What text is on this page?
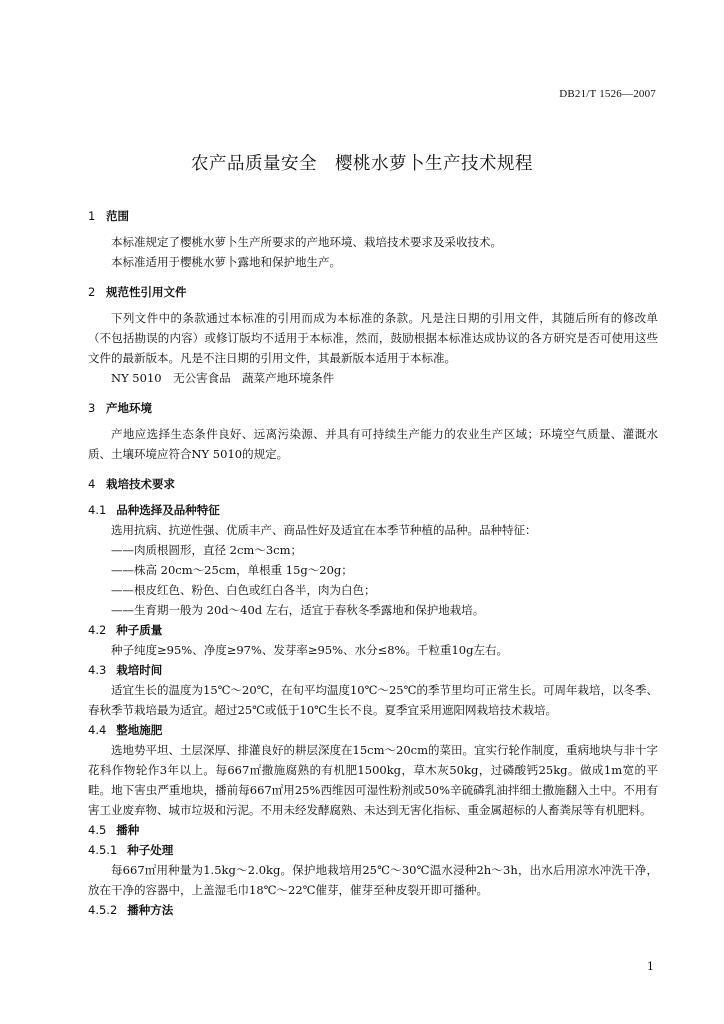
DB21/T 1526—2007
农产品质量安全　樱桃水萝卜生产技术规程
1 范围

本标准规定了樱桃水萝卜生产所要求的产地环境、栽培技术要求及采收技术。

本标准适用于樱桃水萝卜露地和保护地生产。

2 规范性引用文件

下列文件中的条款通过本标准的引用而成为本标准的条款。凡是注日期的引用文件，其随后所有的修改单（不包括勘误的内容）或修订版均不适用于本标准，然而，鼓励根据本标准达成协议的各方研究是否可使用这些文件的最新版本。凡是不注日期的引用文件，其最新版本适用于本标准。

NY 5010　无公害食品　蔬菜产地环境条件

3 产地环境

产地应选择生态条件良好、远离污染源、并具有可持续生产能力的农业生产区域；环境空气质量、灌溉水质、土壤环境应符合NY 5010的规定。

4 栽培技术要求
4.1 品种选择及品种特征

选用抗病、抗逆性强、优质丰产、商品性好及适宜在本季节种植的品种。品种特征：

——肉质根圆形，直径 2cm～3cm；

——株高 20cm～25cm，单根重 15g～20g；

——根皮红色、粉色、白色或红白各半，肉为白色；

——生育期一般为 20d～40d 左右，适宜于春秋冬季露地和保护地栽培。

4.2 种子质量

种子纯度≥95%、净度≥97%、发芽率≥95%、水分≤8%。千粒重10g左右。

4.3 栽培时间

适宜生长的温度为15℃～20℃，在旬平均温度10℃～25℃的季节里均可正常生长。可周年栽培，以冬季、春秋季节栽培最为适宜。超过25℃或低于10℃生长不良。夏季宜采用遮阳网栽培技术栽培。

4.4 整地施肥

选地势平坦、土层深厚、排灌良好的耕层深度在15cm～20cm的菜田。宜实行轮作制度，重病地块与非十字花科作物轮作3年以上。每667㎡撒施腐熟的有机肥1500kg，草木灰50kg，过磷酸钙25kg。做成1m宽的平畦。地下害虫严重地块，播前每667㎡用25%西维因可湿性粉剂或50%辛硫磷乳油拌细土撒施翻入土中。不用有害工业废弃物、城市垃圾和污泥。不用未经发酵腐熟、未达到无害化指标、重金属超标的人畜粪尿等有机肥料。

4.5 播种
4.5.1 种子处理

每667㎡用种量为1.5kg～2.0kg。保护地栽培用25℃～30℃温水浸种2h～3h，出水后用凉水冲洗干净，放在干净的容器中，上盖湿毛巾18℃～22℃催芽，催芽至种皮裂开即可播种。

4.5.2 播种方法
1
